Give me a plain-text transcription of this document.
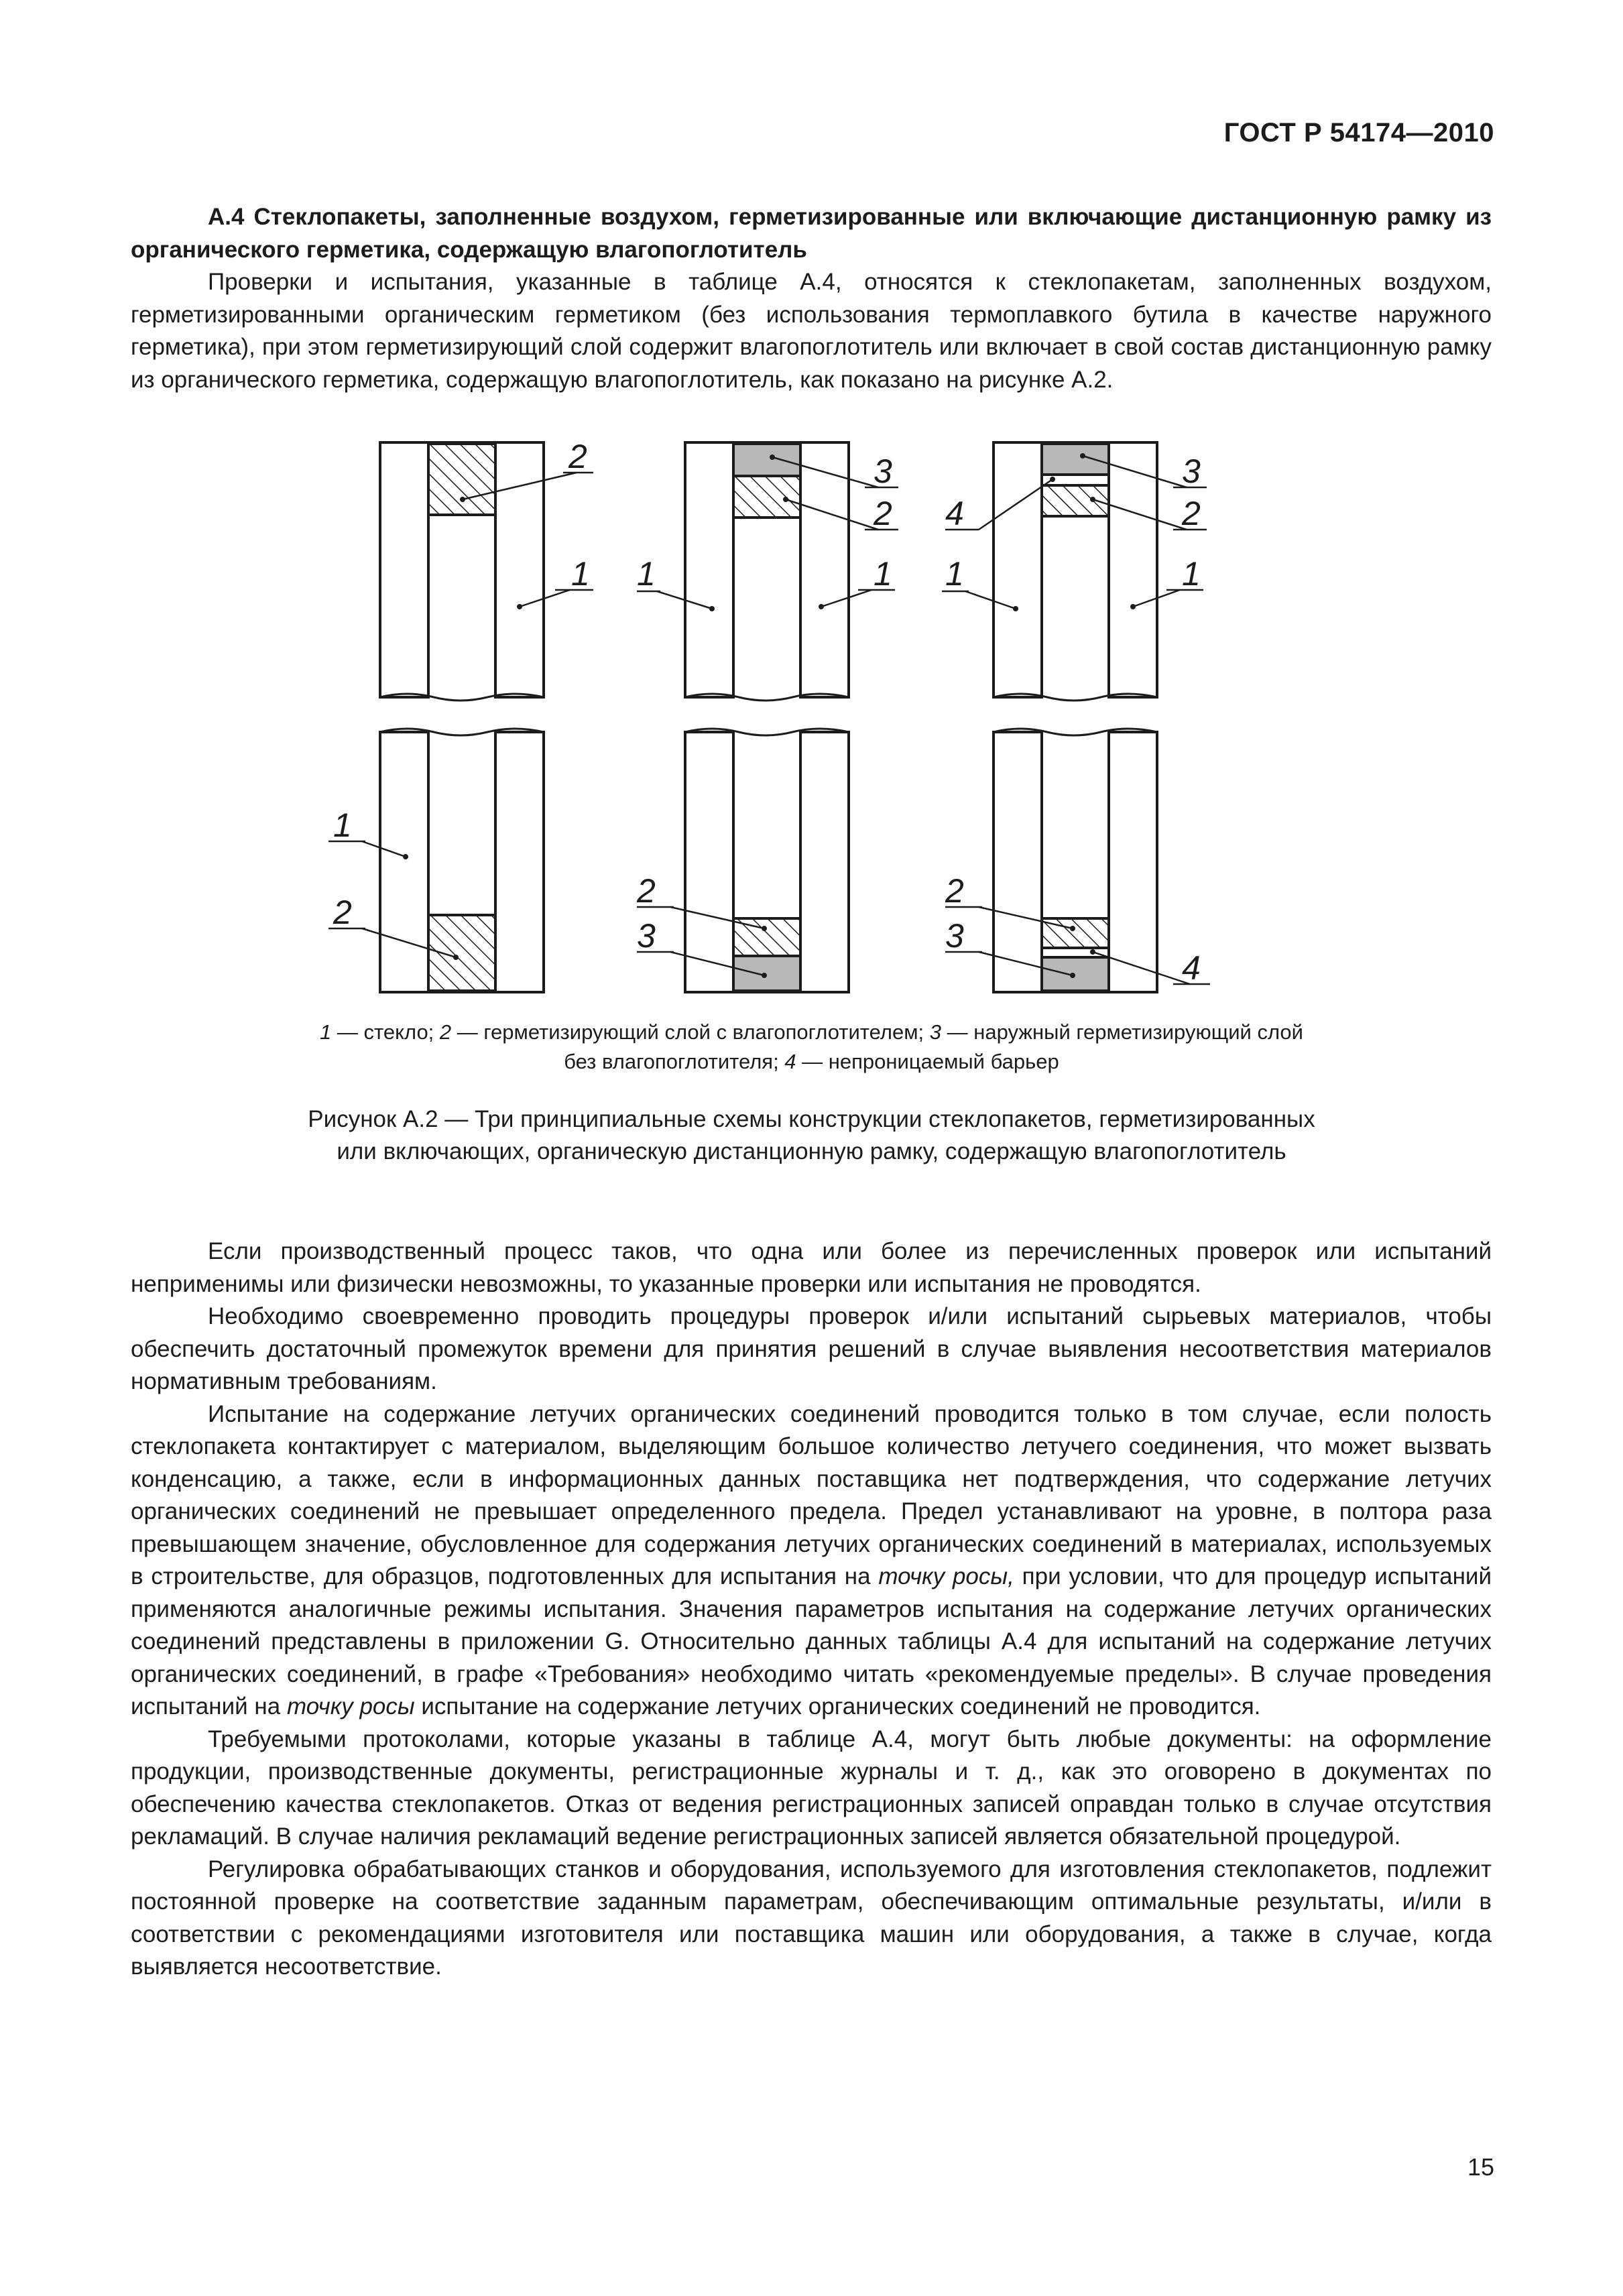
ГОСТ Р 54174—2010

А.4 Стеклопакеты, заполненные воздухом, герметизированные или включающие дистанционную рамку из органического герметика, содержащую влагопоглотитель

Проверки и испытания, указанные в таблице А.4, относятся к стеклопакетам, заполненных воздухом, герметизированными органическим герметиком (без использования термоплавкого бутила в качестве наружного герметика), при этом герметизирующий слой содержит влагопоглотитель или включает в свой состав дистанционную рамку из органического герметика, содержащую влагопоглотитель, как показано на рисунке А.2.

2
1
3
2
1	1
3
2
4
1	1
1
2
2
3
2
3
4
1 — стекло; 2 — герметизирующий слой с влагопоглотителем; 3 — наружный герметизирующий слой
без влагопоглотителя; 4 — непроницаемый барьер
Рисунок А.2 — Три принципиальные схемы конструкции стеклопакетов, герметизированных
или включающих, органическую дистанционную рамку, содержащую влагопоглотитель

Если производственный процесс таков, что одна или более из перечисленных проверок или испытаний неприменимы или физически невозможны, то указанные проверки или испытания не проводятся.

Необходимо своевременно проводить процедуры проверок и/или испытаний сырьевых материалов, чтобы обеспечить достаточный промежуток времени для принятия решений в случае выявления несоответствия материалов нормативным требованиям.

Испытание на содержание летучих органических соединений проводится только в том случае, если полость стеклопакета контактирует с материалом, выделяющим большое количество летучего соединения, что может вызвать конденсацию, а также, если в информационных данных поставщика нет подтверждения, что содержание летучих органических соединений не превышает определенного предела. Предел устанавливают на уровне, в полтора раза превышающем значение, обусловленное для содержания летучих органических соединений в материалах, используемых в строительстве, для образцов, подготовленных для испытания на точку росы, при условии, что для процедур испытаний применяются аналогичные режимы испытания. Значения параметров испытания на содержание летучих органических соединений представлены в приложении G. Относительно данных таблицы А.4 для испытаний на содержание летучих органических соединений, в графе «Требования» необходимо читать «рекомендуемые пределы». В случае проведения испытаний на точку росы испытание на содержание летучих органических соединений не проводится.

Требуемыми протоколами, которые указаны в таблице А.4, могут быть любые документы: на оформление продукции, производственные документы, регистрационные журналы и т. д., как это оговорено в документах по обеспечению качества стеклопакетов. Отказ от ведения регистрационных записей оправдан только в случае отсутствия рекламаций. В случае наличия рекламаций ведение регистрационных записей является обязательной процедурой.

Регулировка обрабатывающих станков и оборудования, используемого для изготовления стеклопакетов, подлежит постоянной проверке на соответствие заданным параметрам, обеспечивающим оптимальные результаты, и/или в соответствии с рекомендациями изготовителя или поставщика машин или оборудования, а также в случае, когда выявляется несоответствие.

15
